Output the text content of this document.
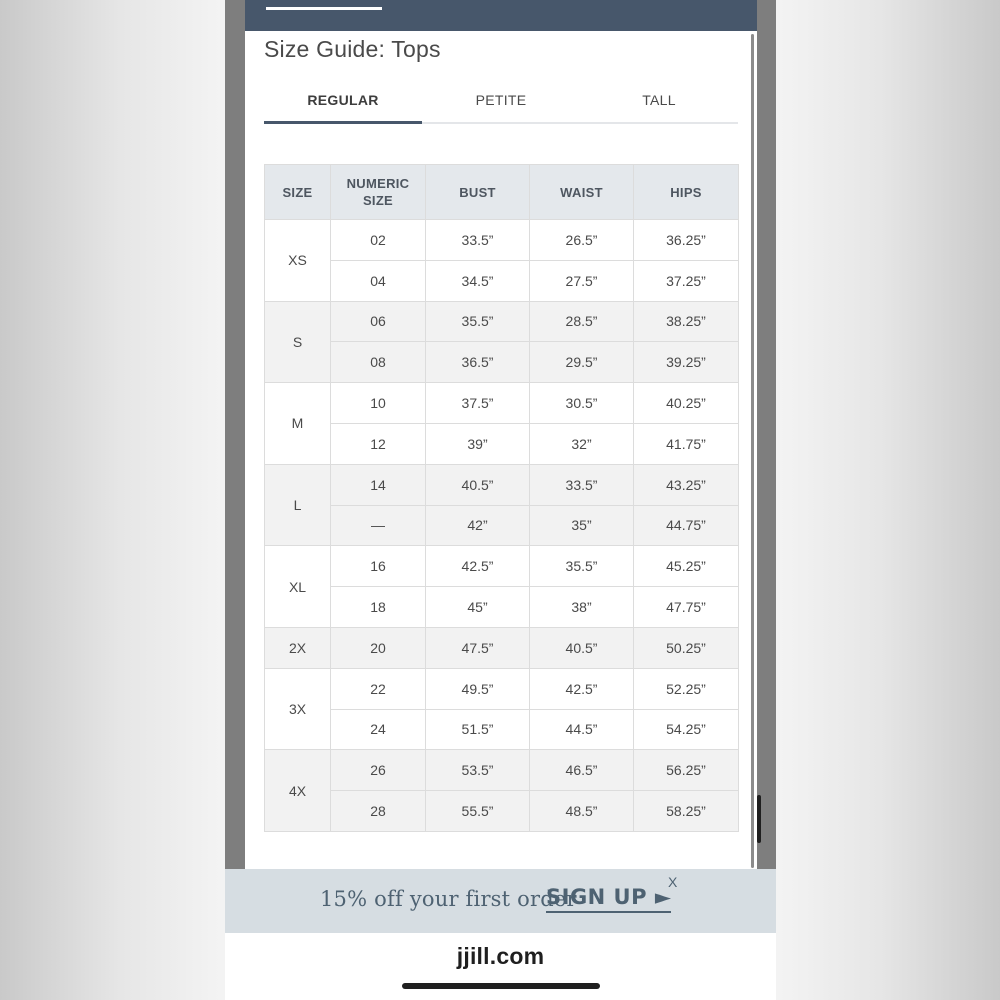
Size Guide: Tops
REGULAR	PETITE	TALL
SIZE	NUMERIC SIZE	BUST	WAIST	HIPS
XS	02	33.5”	26.5”	36.25”
	04	34.5”	27.5”	37.25”
S	06	35.5”	28.5”	38.25”
	08	36.5”	29.5”	39.25”
M	10	37.5”	30.5”	40.25”
	12	39”	32”	41.75”
L	14	40.5”	33.5”	43.25”
	—	42”	35”	44.75”
XL	16	42.5”	35.5”	45.25”
	18	45”	38”	47.75”
2X	20	47.5”	40.5”	50.25”
3X	22	49.5”	42.5”	52.25”
	24	51.5”	44.5”	54.25”
4X	26	53.5”	46.5”	56.25”
	28	55.5”	48.5”	58.25”
15% off your first order
SIGN UP ►
X
jjill.com
